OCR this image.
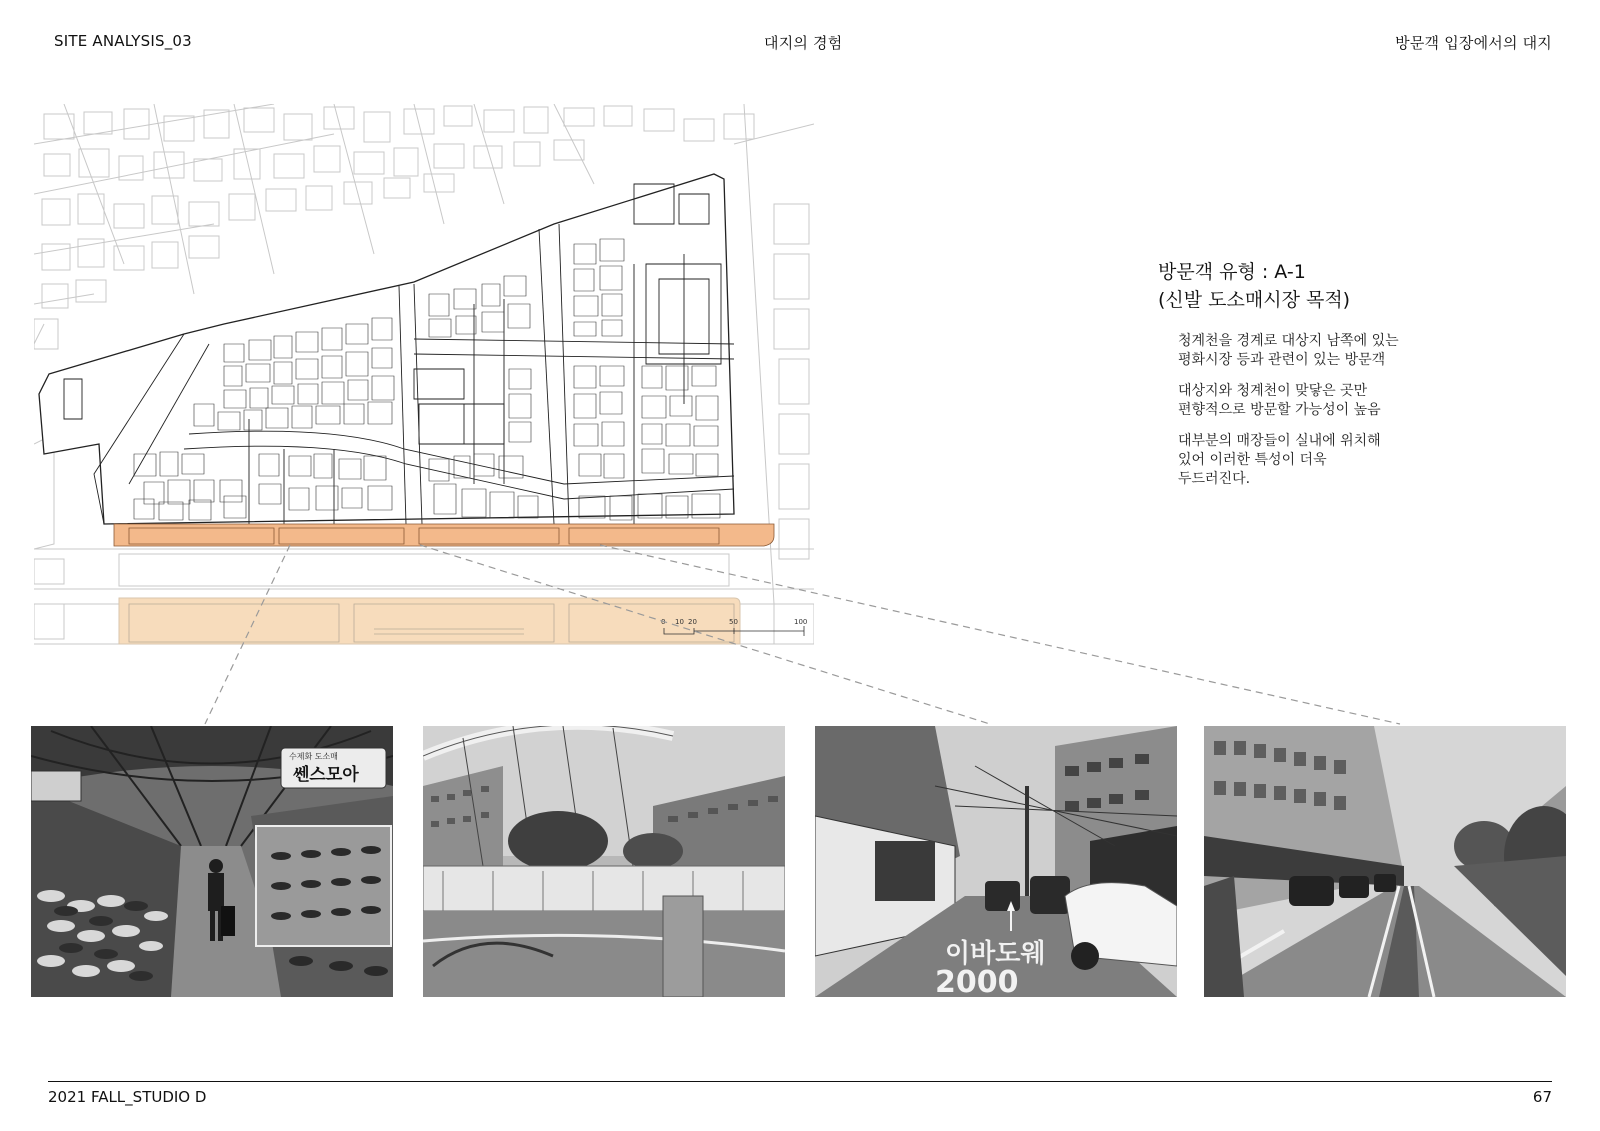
SITE ANALYSIS_03	대지의 경험	방문객 입장에서의 대지
0 10 20	50	100
방문객 유형 : A-1
(신발 도소매시장 목적)

청계천을 경계로 대상지 남쪽에 있는
평화시장 등과 관련이 있는 방문객

대상지와 청계천이 맞닿은 곳만
편향적으로 방문할 가능성이 높음

대부분의 매장들이 실내에 위치해
있어 이러한 특성이 더욱
두드러진다.

수제화 도소매
쎈스모아
이바도웨
2000
2021 FALL_STUDIO D	67
